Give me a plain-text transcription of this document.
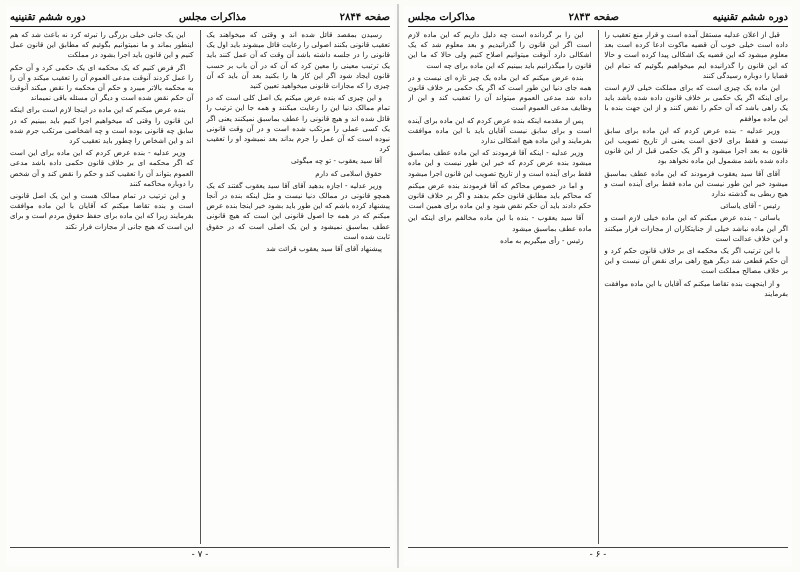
صفحه ۲۸۴۴
مذاکرات مجلس
دوره ششم تقنینیه

رسیدن بمقصد قائل شده اند و وقتی که میخواهند یک تعقیب قانونی بکنند اصولی را رعایت قائل میشوند باید اول یک قانونی را در جلسه داشته باشد آن وقت که آن عمل کنند باید یک ترتیب معینی را معین کرد که آن که در آن باب بر حسب قانون ایجاد شود اگر این کار ها را بکنید بعد آن باید که آن چیزی را که مجازات قانونی میخواهید تعیین کنید

و این چیزی که بنده عرض میکنم یک اصل کلی است که در تمام ممالک دنیا این را رعایت میکنند و همه جا این ترتیب را قائل شده اند و هیچ قانونی را عطف بماسبق نمیکنند یعنی اگر یک کسی عملی را مرتکب شده است و در آن وقت قانونی نبوده است که آن عمل را جرم بداند بعد نمیشود او را تعقیب کرد

آقا سید یعقوب - تو چه میگوئی

حقوق اسلامی که دارم

وزیر عدلیه - اجازه بدهید آقای آقا سید یعقوب گفتند که یک همچو قانونی در ممالک دنیا نیست و مثل اینکه بنده در آنجا پیشنهاد کرده باشم که این طور باید بشود خیر اینجا بنده عرض میکنم که در همه جا اصول قانونی این است که هیچ قانونی عطف بماسبق نمیشود و این یک اصلی است که در حقوق ثابت شده است

پیشنهاد آقای آقا سید یعقوب قرائت شد

این یک جانی خیلی بزرگی را تبرئه کرد نه باعث شد که هم اینطور بماند و ما نمیتوانیم بگوئیم که مطابق این قانون عمل کنیم و این قانون باید اجرا بشود در مملکت

اگر فرض کنیم که یک محکمه ای یک حکمی کرد و آن حکم را عمل کردند آنوقت مدعی العموم آن را تعقیب میکند و آن را به محکمه بالاتر میبرد و حکم آن محکمه را نقض میکند آنوقت آن حکم نقض شده است و دیگر آن مسئله باقی نمیماند

بنده عرض میکنم که این ماده در اینجا لازم است برای اینکه این قانون را وقتی که میخواهیم اجرا کنیم باید ببینیم که در سابق چه قانونی بوده است و چه اشخاصی مرتکب جرم شده اند و این اشخاص را چطور باید تعقیب کرد

وزیر عدلیه - بنده عرض کردم که این ماده برای این است که اگر محکمه ای بر خلاف قانون حکمی داده باشد مدعی العموم بتواند آن را تعقیب کند و حکم را نقض کند و آن شخص را دوباره محاکمه کنند

و این ترتیب در تمام ممالک هست و این یک اصل قانونی است و بنده تقاضا میکنم که آقایان با این ماده موافقت بفرمایند زیرا که این ماده برای حفظ حقوق مردم است و برای این است که هیچ جانی از مجازات فرار نکند

- ۷ -
دوره ششم تقنینیه
صفحه ۲۸۴۳
مذاکرات مجلس

قبل از اعلان عدلیه مستقل آمده است و قرار منع تعقیب را داده است خیلی خوب آن قضیه ماکوت ادعا کرده است بعد معلوم میشود که این قضیه یک اشکالی پیدا کرده است و حالا که این قانون را گذرانیده ایم میخواهیم بگوئیم که تمام این قضایا را دوباره رسیدگی کنند

این ماده یک چیزی است که برای مملکت خیلی لازم است برای اینکه اگر یک حکمی بر خلاف قانون داده شده باشد باید یک راهی باشد که آن حکم را نقض کنند و از این جهت بنده با این ماده موافقم

وزیر عدلیه - بنده عرض کردم که این ماده برای سابق نیست و فقط برای لاحق است یعنی از تاریخ تصویب این قانون به بعد اجرا میشود و اگر یک حکمی قبل از این قانون داده شده باشد مشمول این ماده نخواهد بود

آقای آقا سید یعقوب فرمودند که این ماده عطف بماسبق میشود خیر این طور نیست این ماده فقط برای آینده است و هیچ ربطی به گذشته ندارد

رئیس - آقای یاسائی

یاسائی - بنده عرض میکنم که این ماده خیلی لازم است و اگر این ماده نباشد خیلی از جنایتکاران از مجازات فرار میکنند و این خلاف عدالت است

با این ترتیب اگر یک محکمه ای بر خلاف قانون حکم کرد و آن حکم قطعی شد دیگر هیچ راهی برای نقض آن نیست و این بر خلاف مصالح مملکت است

و از اینجهت بنده تقاضا میکنم که آقایان با این ماده موافقت بفرمایند

این را بر گردانده است چه دلیل داریم که این ماده لازم است اگر این قانون را گذرانیدیم و بعد معلوم شد که یک اشکالی دارد آنوقت میتوانیم اصلاح کنیم ولی حالا که ما این قانون را میگذرانیم باید ببینیم که این ماده برای چه است

بنده عرض میکنم که این ماده یک چیز تازه ای نیست و در همه جای دنیا این طور است که اگر یک حکمی بر خلاف قانون داده شد مدعی العموم میتواند آن را تعقیب کند و این از وظایف مدعی العموم است

پس از مقدمه اینکه بنده عرض کردم که این ماده برای آینده است و برای سابق نیست آقایان باید با این ماده موافقت بفرمایند و این ماده هیچ اشکالی ندارد

وزیر عدلیه - اینکه آقا فرمودند که این ماده عطف بماسبق میشود بنده عرض کردم که خیر این طور نیست و این ماده فقط برای آینده است و از تاریخ تصویب این قانون اجرا میشود

و اما در خصوص محاکم که آقا فرمودند بنده عرض میکنم که محاکم باید مطابق قانون حکم بدهند و اگر بر خلاف قانون حکم دادند باید آن حکم نقض شود و این ماده برای همین است

آقا سید یعقوب - بنده با این ماده مخالفم برای اینکه این ماده عطف بماسبق میشود

رئیس - رأی میگیریم به ماده

- ۶ -
